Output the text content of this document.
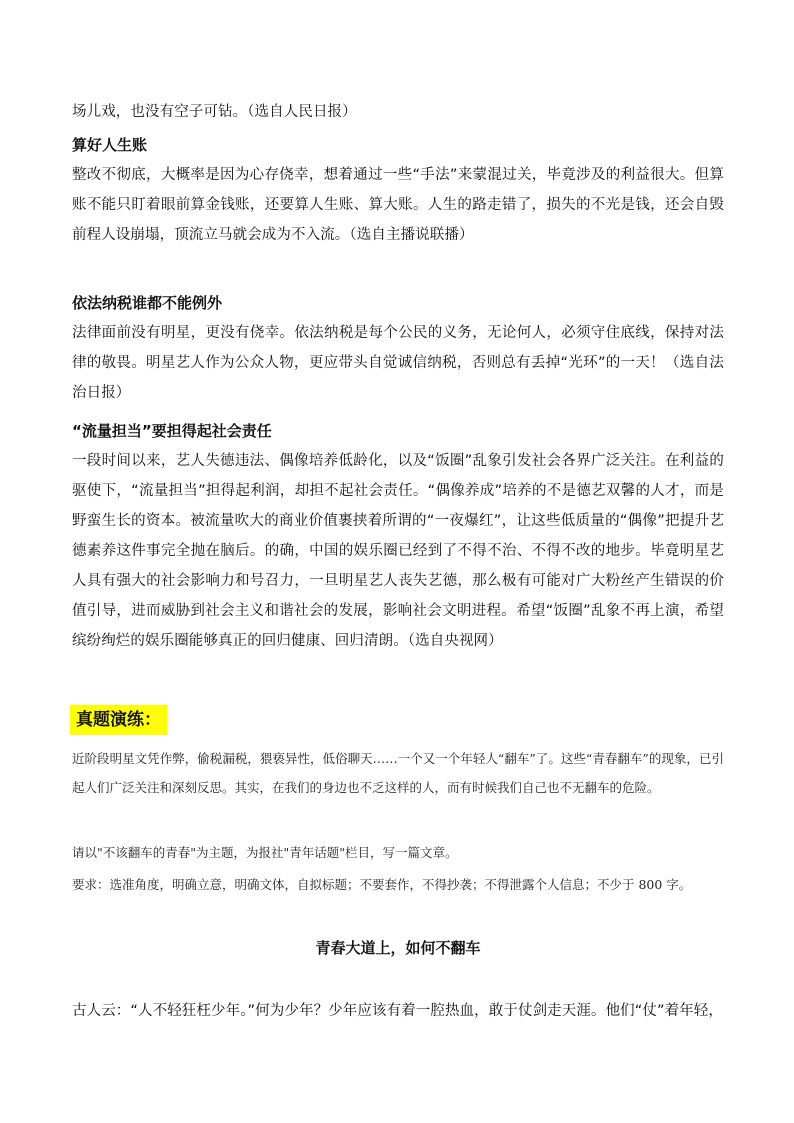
场儿戏，也没有空子可钻。（选自人民日报）

算好人生账

整改不彻底，大概率是因为心存侥幸，想着通过一些“手法”来蒙混过关，毕竟涉及的利益很大。但算账不能只盯着眼前算金钱账，还要算人生账、算大账。人生的路走错了，损失的不光是钱，还会自毁前程人设崩塌，顶流立马就会成为不入流。（选自主播说联播）

依法纳税谁都不能例外

法律面前没有明星，更没有侥幸。依法纳税是每个公民的义务，无论何人，必须守住底线，保持对法律的敬畏。明星艺人作为公众人物，更应带头自觉诚信纳税，否则总有丢掉“光环”的一天！（选自法治日报）

“流量担当”要担得起社会责任

一段时间以来，艺人失德违法、偶像培养低龄化，以及“饭圈”乱象引发社会各界广泛关注。在利益的驱使下，“流量担当”担得起利润，却担不起社会责任。“偶像养成”培养的不是德艺双馨的人才，而是野蛮生长的资本。被流量吹大的商业价值裹挟着所谓的“一夜爆红”，让这些低质量的“偶像”把提升艺德素养这件事完全抛在脑后。的确，中国的娱乐圈已经到了不得不治、不得不改的地步。毕竟明星艺人具有强大的社会影响力和号召力，一旦明星艺人丧失艺德，那么极有可能对广大粉丝产生错误的价值引导，进而威胁到社会主义和谐社会的发展，影响社会文明进程。希望“饭圈”乱象不再上演，希望缤纷绚烂的娱乐圈能够真正的回归健康、回归清朗。（选自央视网）

真题演练：

近阶段明星文凭作弊，偷税漏税，猥亵异性，低俗聊天……一个又一个年轻人“翻车”了。这些“青春翻车”的现象，已引起人们广泛关注和深刻反思。其实，在我们的身边也不乏这样的人，而有时候我们自己也不无翻车的危险。

请以"不该翻车的青春"为主题，为报社"青年话题"栏目，写一篇文章。

要求：选准角度，明确立意，明确文体，自拟标题；不要套作，不得抄袭；不得泄露个人信息；不少于 800 字。

青春大道上，如何不翻车

古人云：“人不轻狂枉少年。”何为少年？少年应该有着一腔热血，敢于仗剑走天涯。他们“仗”着年轻，
